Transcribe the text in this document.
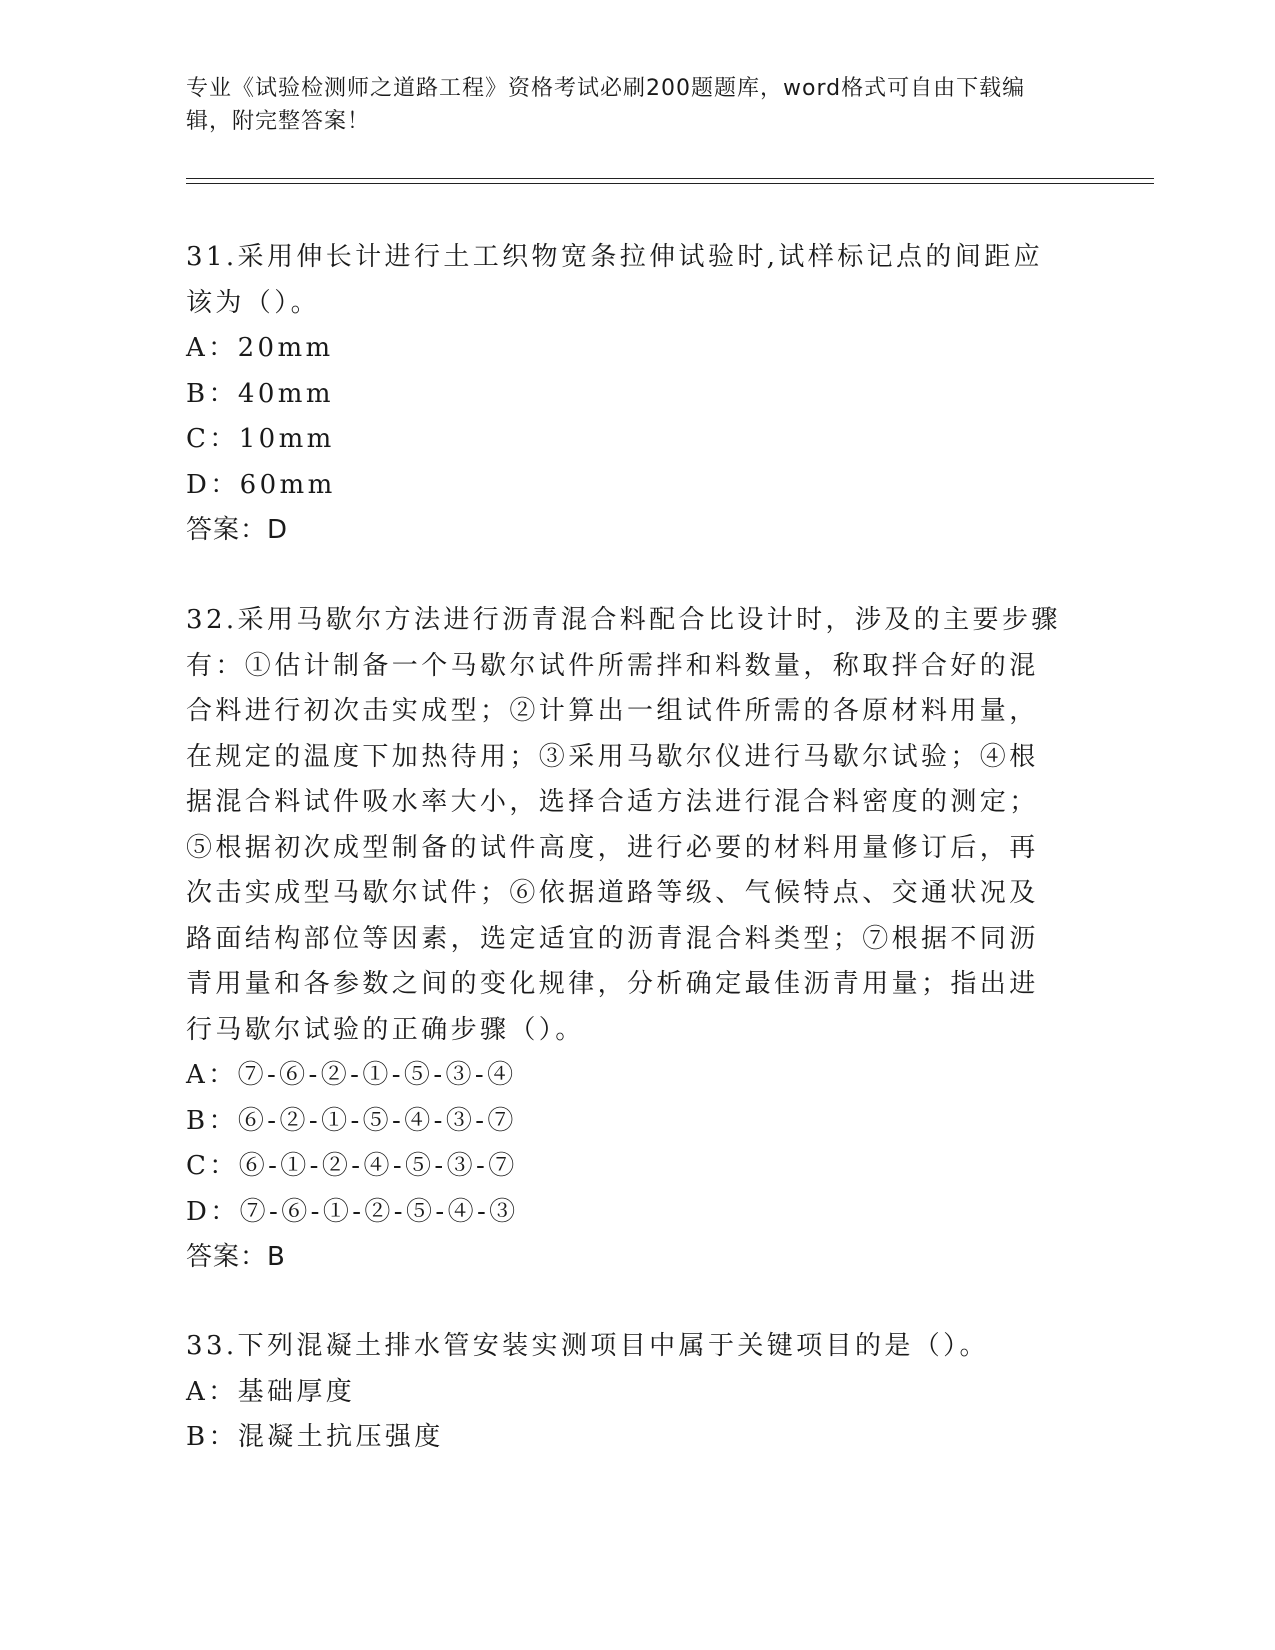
专业《试验检测师之道路工程》资格考试必刷200题题库，word格式可自由下载编辑，附完整答案！
31.采用伸长计进行土工织物宽条拉伸试验时,试样标记点的间距应该为（）。
A：20mm
B：40mm
C：10mm
D：60mm
答案：D
32.采用马歇尔方法进行沥青混合料配合比设计时，涉及的主要步骤有：①估计制备一个马歇尔试件所需拌和料数量，称取拌合好的混合料进行初次击实成型；②计算出一组试件所需的各原材料用量，在规定的温度下加热待用；③采用马歇尔仪进行马歇尔试验；④根据混合料试件吸水率大小，选择合适方法进行混合料密度的测定；⑤根据初次成型制备的试件高度，进行必要的材料用量修订后，再次击实成型马歇尔试件；⑥依据道路等级、气候特点、交通状况及路面结构部位等因素，选定适宜的沥青混合料类型；⑦根据不同沥青用量和各参数之间的变化规律，分析确定最佳沥青用量；指出进行马歇尔试验的正确步骤（）。
A：⑦-⑥-②-①-⑤-③-④
B：⑥-②-①-⑤-④-③-⑦
C：⑥-①-②-④-⑤-③-⑦
D：⑦-⑥-①-②-⑤-④-③
答案：B
33.下列混凝土排水管安装实测项目中属于关键项目的是（）。
A：基础厚度
B：混凝土抗压强度
